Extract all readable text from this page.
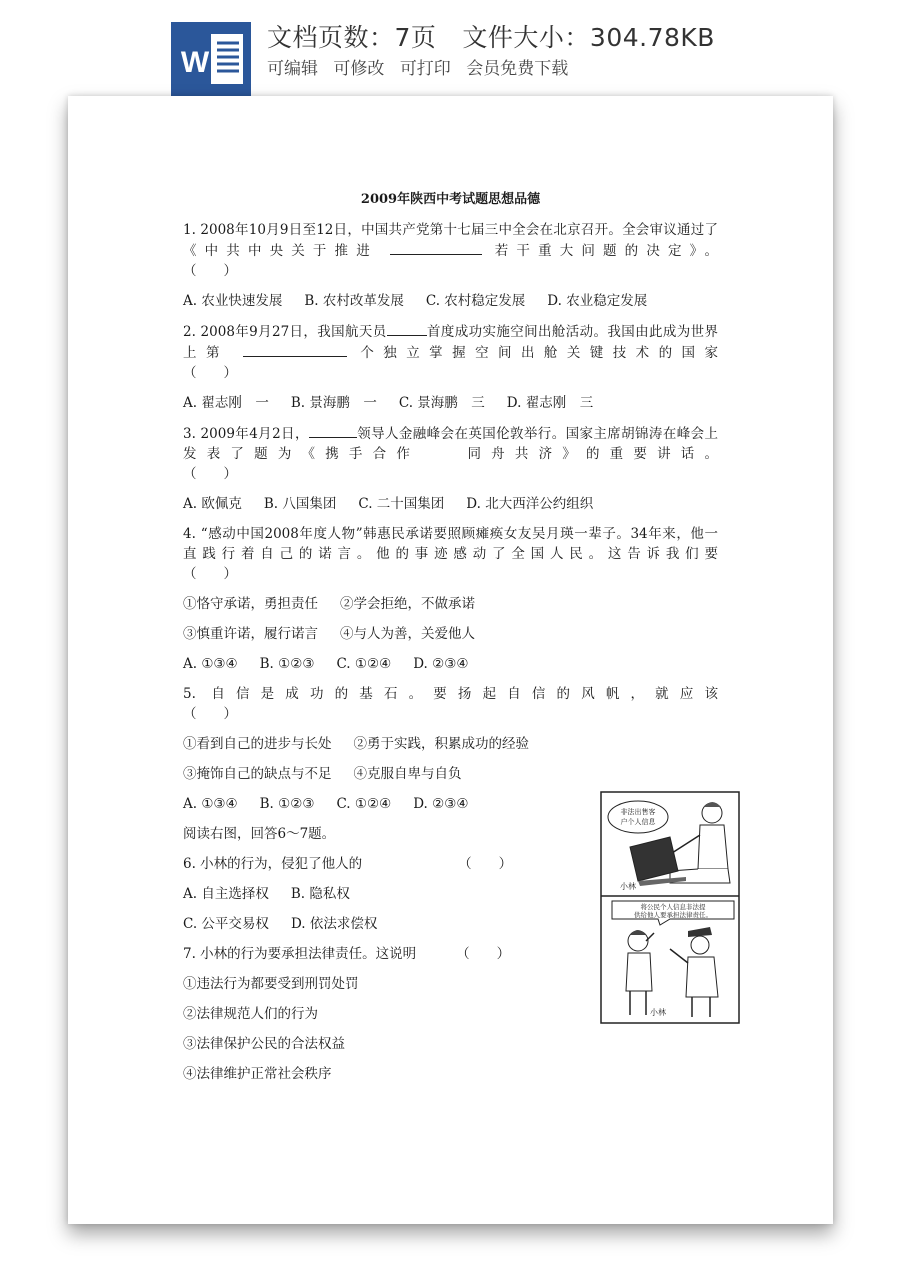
W
文档页数：7页 文件大小：304.78KB
可编辑 可修改 可打印 会员免费下载
2009年陕西中考试题思想品德
1. 2008年10月9日至12日，中国共产党第十七届三中全会在北京召开。全会审议通过了
《中共中央关于推进	若干重大问题的决定》。
（　　）
A. 农业快速发展 B. 农村改革发展 C. 农村稳定发展 D. 农业稳定发展
2. 2008年9月27日，我国航天员	首度成功实施空间出舱活动。我国由此成为世界
上第	个独立掌握空间出舱关键技术的国家
（　　）
A. 翟志刚　一 B. 景海鹏　一 C. 景海鹏　三 D. 翟志刚　三
3. 2009年4月2日，	领导人金融峰会在英国伦敦举行。国家主席胡锦涛在峰会上
发表了题为《携手合作　　同舟共济》的重要讲话。
（　　）
A. 欧佩克 B. 八国集团 C. 二十国集团 D. 北大西洋公约组织
4. “感动中国2008年度人物”韩惠民承诺要照顾瘫痪女友吴月瑛一辈子。34年来，他一
直践行着自己的诺言。他的事迹感动了全国人民。这告诉我们要
（　　）
①恪守承诺，勇担责任 ②学会拒绝，不做承诺
③慎重许诺，履行诺言 ④与人为善，关爱他人
A. ①③④ B. ①②③ C. ①②④ D. ②③④
5. 自信是成功的基石。要扬起自信的风帆，就应该
（　　）
①看到自己的进步与长处 ②勇于实践，积累成功的经验
③掩饰自己的缺点与不足 ④克服自卑与自负
A. ①③④ B. ①②③ C. ①②④ D. ②③④
阅读右图，回答6～7题。
6. 小林的行为，侵犯了他人的	（　　）
A. 自主选择权 B. 隐私权
C. 公平交易权 D. 依法求偿权
7. 小林的行为要承担法律责任。这说明	（　　）
①违法行为都要受到刑罚处罚
②法律规范人们的行为
③法律保护公民的合法权益
④法律维护正常社会秩序
非法出售客
户个人信息
小林
将公民个人信息非法提
供给他人要承担法律责任。
小林
